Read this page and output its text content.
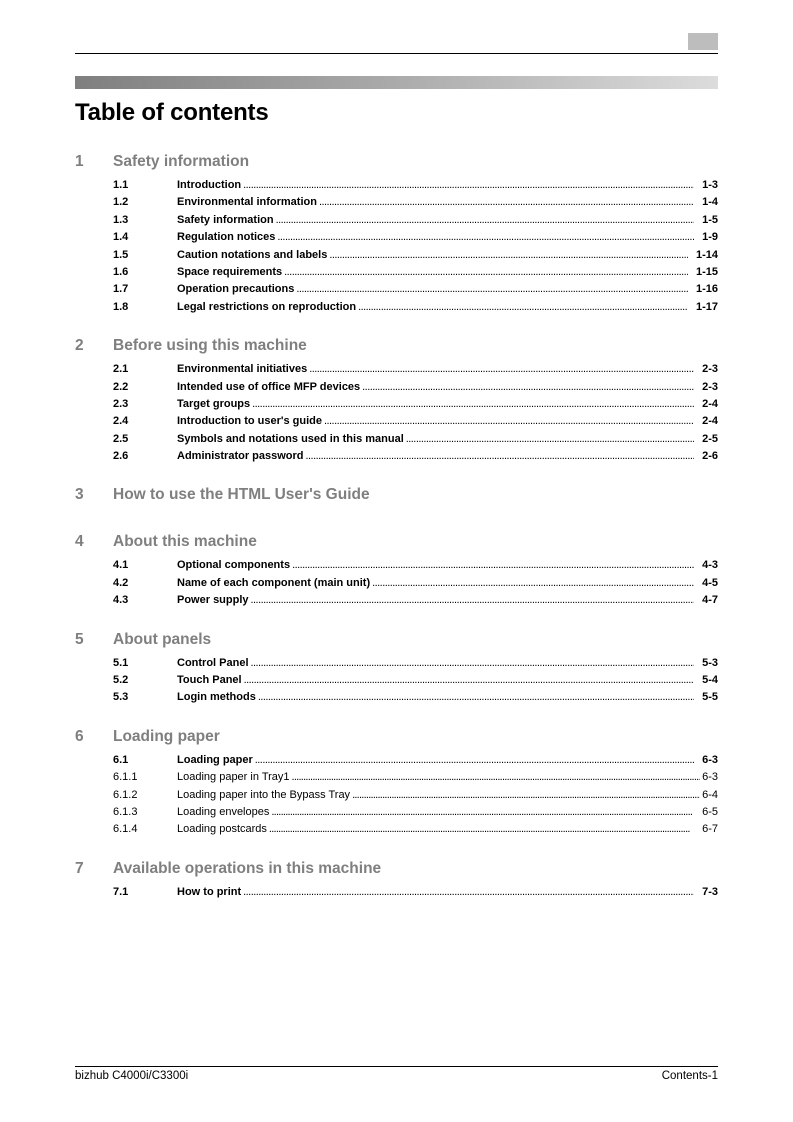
Table of contents
1	Safety information
1.1	Introduction . . .	1-3
1.2	Environmental information . . .	1-4
1.3	Safety information . . .	1-5
1.4	Regulation notices . . .	1-9
1.5	Caution notations and labels . . .	1-14
1.6	Space requirements . . .	1-15
1.7	Operation precautions . . .	1-16
1.8	Legal restrictions on reproduction . . .	1-17
2	Before using this machine
2.1	Environmental initiatives . . .	2-3
2.2	Intended use of office MFP devices . . .	2-3
2.3	Target groups . . .	2-4
2.4	Introduction to user's guide . . .	2-4
2.5	Symbols and notations used in this manual . . .	2-5
2.6	Administrator password . . .	2-6
3	How to use the HTML User's Guide
4	About this machine
4.1	Optional components . . .	4-3
4.2	Name of each component (main unit) . . .	4-5
4.3	Power supply . . .	4-7
5	About panels
5.1	Control Panel . . .	5-3
5.2	Touch Panel . . .	5-4
5.3	Login methods . . .	5-5
6	Loading paper
6.1	Loading paper . . .	6-3
6.1.1	Loading paper in Tray1 . . .	6-3
6.1.2	Loading paper into the Bypass Tray . . .	6-4
6.1.3	Loading envelopes . . .	6-5
6.1.4	Loading postcards . . .	6-7
7	Available operations in this machine
7.1	How to print . . .	7-3
bizhub C4000i/C3300i	Contents-1
